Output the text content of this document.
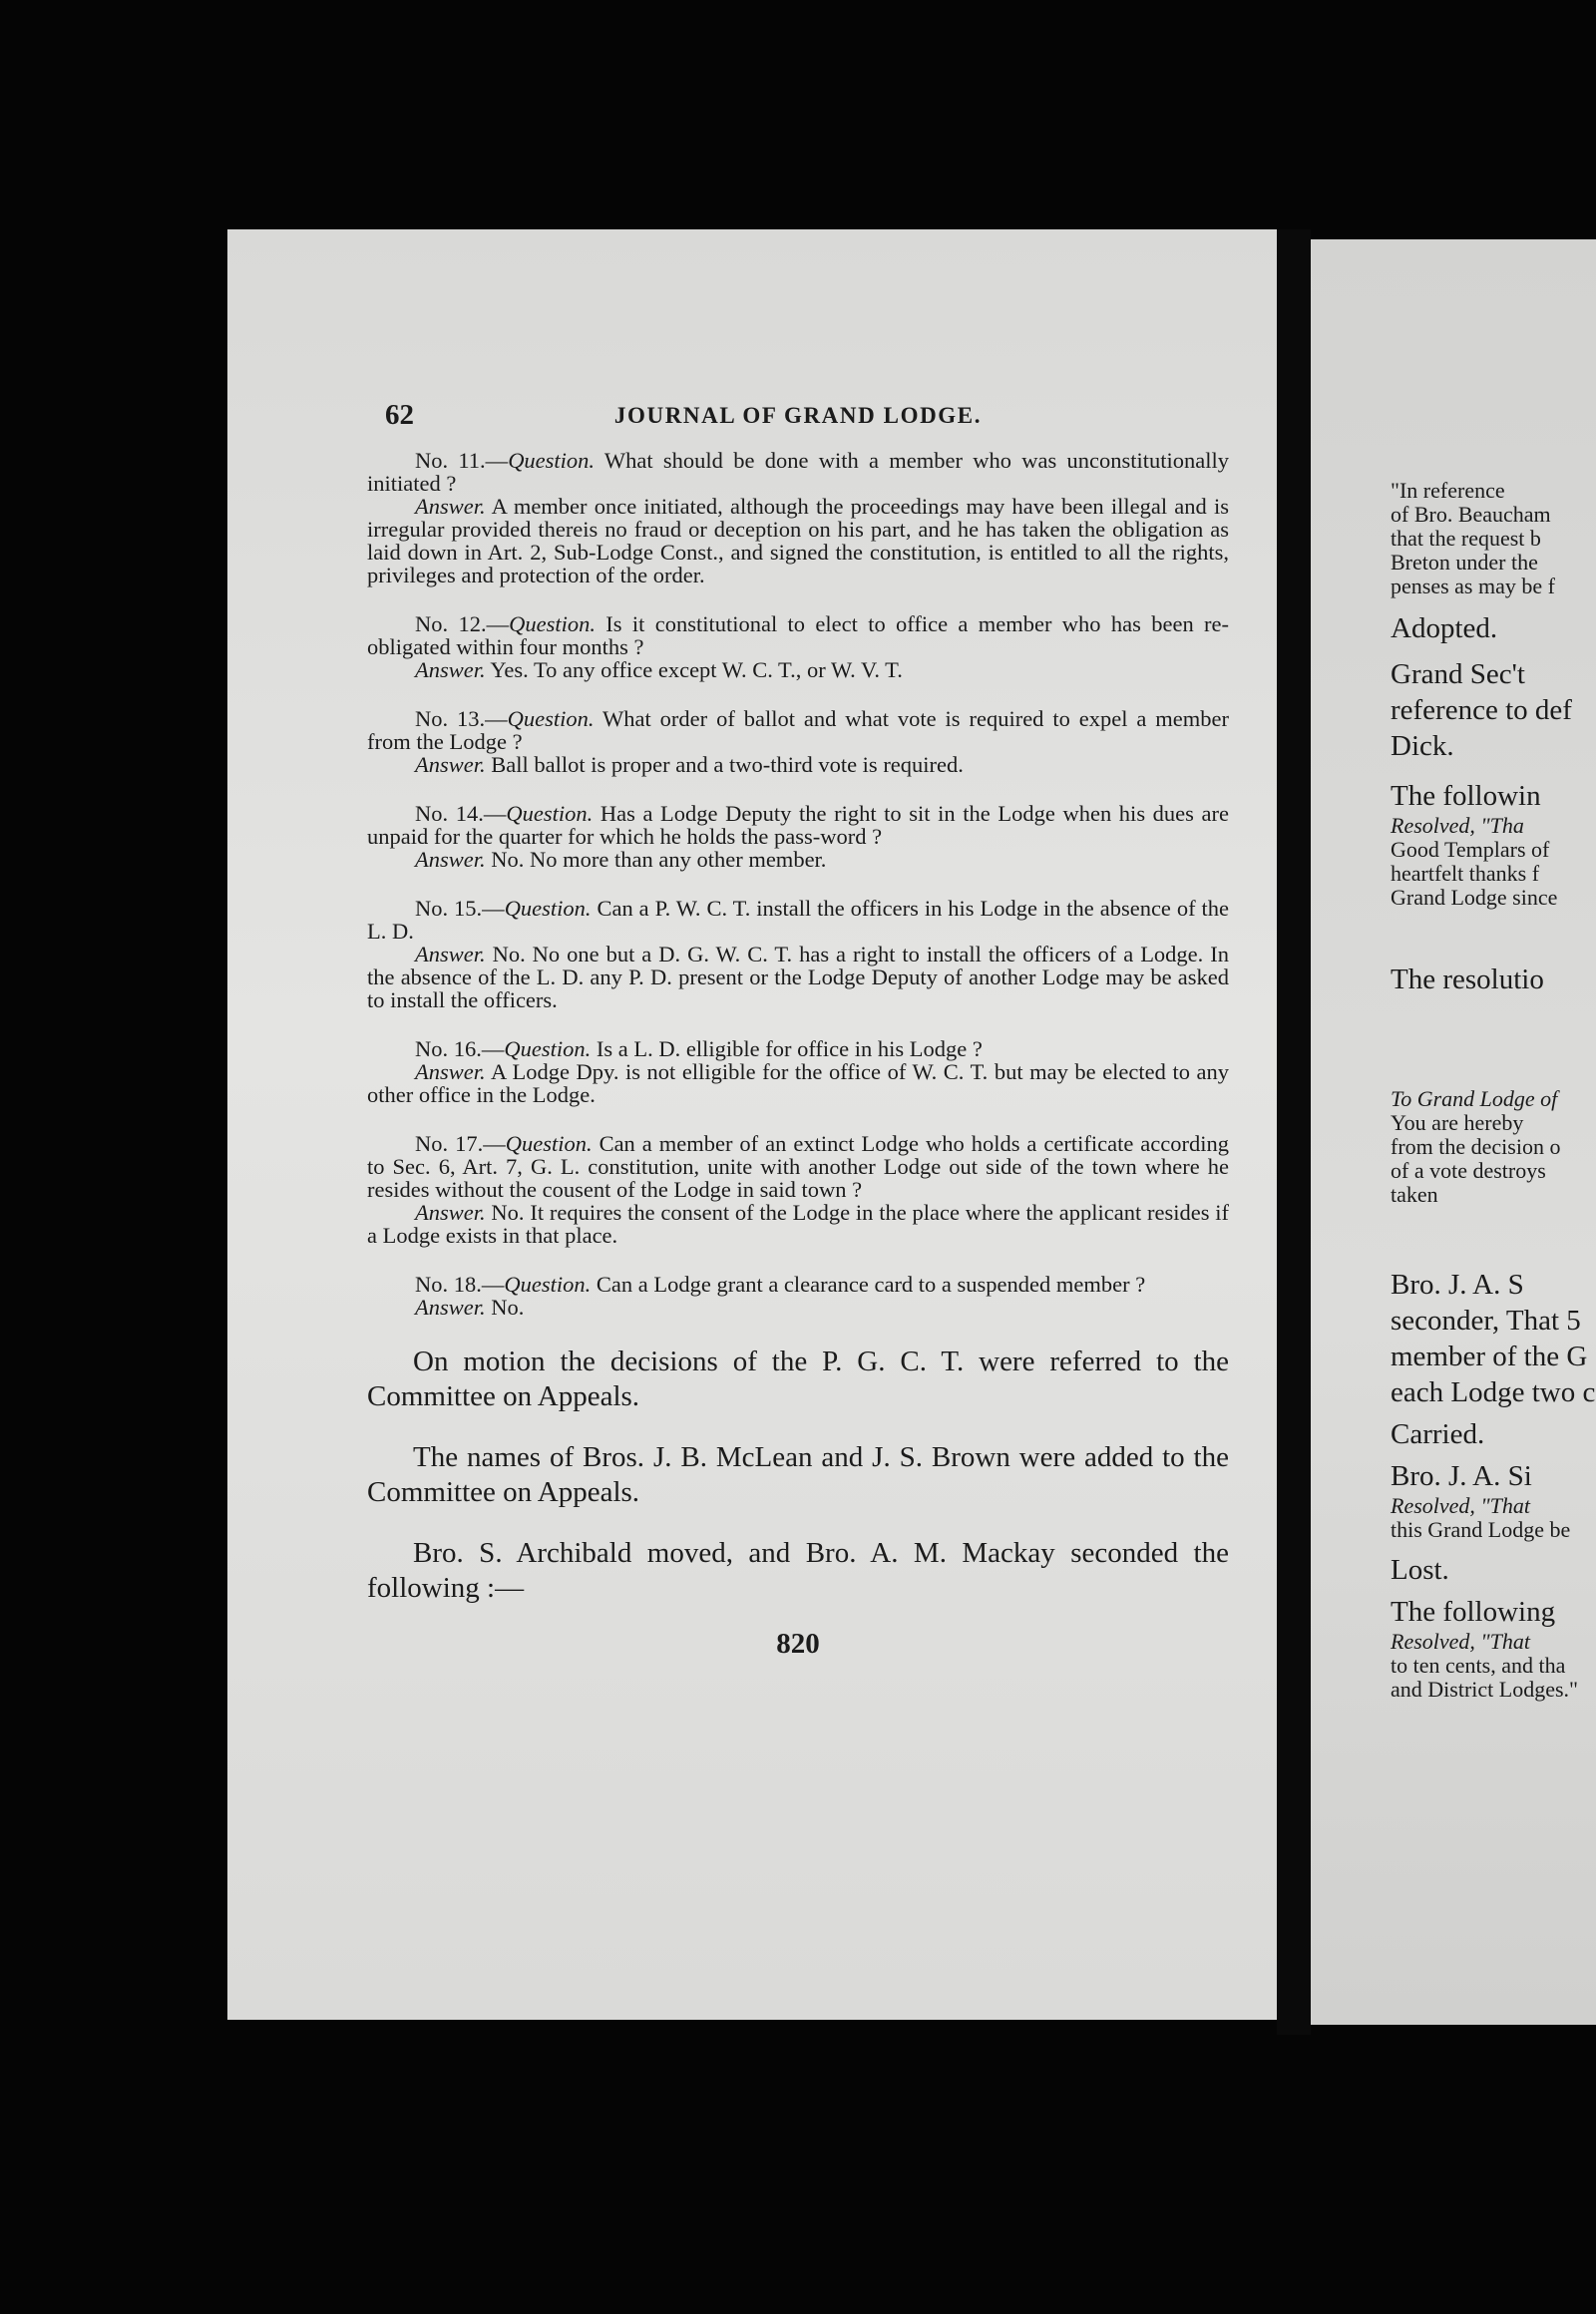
62	JOURNAL OF GRAND LODGE.

No. 11.—Question. What should be done with a member who was unconstitutionally initiated ?

Answer. A member once initiated, although the proceedings may have been illegal and is irregular provided thereis no fraud or deception on his part, and he has taken the obligation as laid down in Art. 2, Sub-Lodge Const., and signed the constitution, is entitled to all the rights, privileges and protection of the order.

No. 12.—Question. Is it constitutional to elect to office a member who has been re-obligated within four months ?

Answer. Yes. To any office except W. C. T., or W. V. T.

No. 13.—Question. What order of ballot and what vote is required to expel a member from the Lodge ?

Answer. Ball ballot is proper and a two-third vote is required.

No. 14.—Question. Has a Lodge Deputy the right to sit in the Lodge when his dues are unpaid for the quarter for which he holds the pass-word ?

Answer. No. No more than any other member.

No. 15.—Question. Can a P. W. C. T. install the officers in his Lodge in the absence of the L. D.

Answer. No. No one but a D. G. W. C. T. has a right to install the officers of a Lodge. In the absence of the L. D. any P. D. present or the Lodge Deputy of another Lodge may be asked to install the officers.

No. 16.—Question. Is a L. D. elligible for office in his Lodge ?

Answer. A Lodge Dpy. is not elligible for the office of W. C. T. but may be elected to any other office in the Lodge.

No. 17.—Question. Can a member of an extinct Lodge who holds a certificate according to Sec. 6, Art. 7, G. L. constitution, unite with another Lodge out side of the town where he resides without the cousent of the Lodge in said town ?

Answer. No. It requires the consent of the Lodge in the place where the applicant resides if a Lodge exists in that place.

No. 18.—Question. Can a Lodge grant a clearance card to a suspended member ?

Answer. No.

On motion the decisions of the P. G. C. T. were referred to the Committee on Appeals.

The names of Bros. J. B. McLean and J. S. Brown were added to the Committee on Appeals.

Bro. S. Archibald moved, and Bro. A. M. Mackay seconded the following :—

820

"In reference

of Bro. Beaucham

that the request b

Breton under the

penses as may be f

Adopted.

Grand Sec't

reference to def

Dick.

The followin

Resolved, "Tha

Good Templars of

heartfelt thanks f

Grand Lodge since

The resolutio

To Grand Lodge of

You are hereby

from the decision o

of a vote destroys

taken

Bro. J. A. S

seconder, That 5

member of the G

each Lodge two c

Carried.

Bro. J. A. Si

Resolved, "That

this Grand Lodge be

Lost.

The following

Resolved, "That

to ten cents, and tha

and District Lodges."
